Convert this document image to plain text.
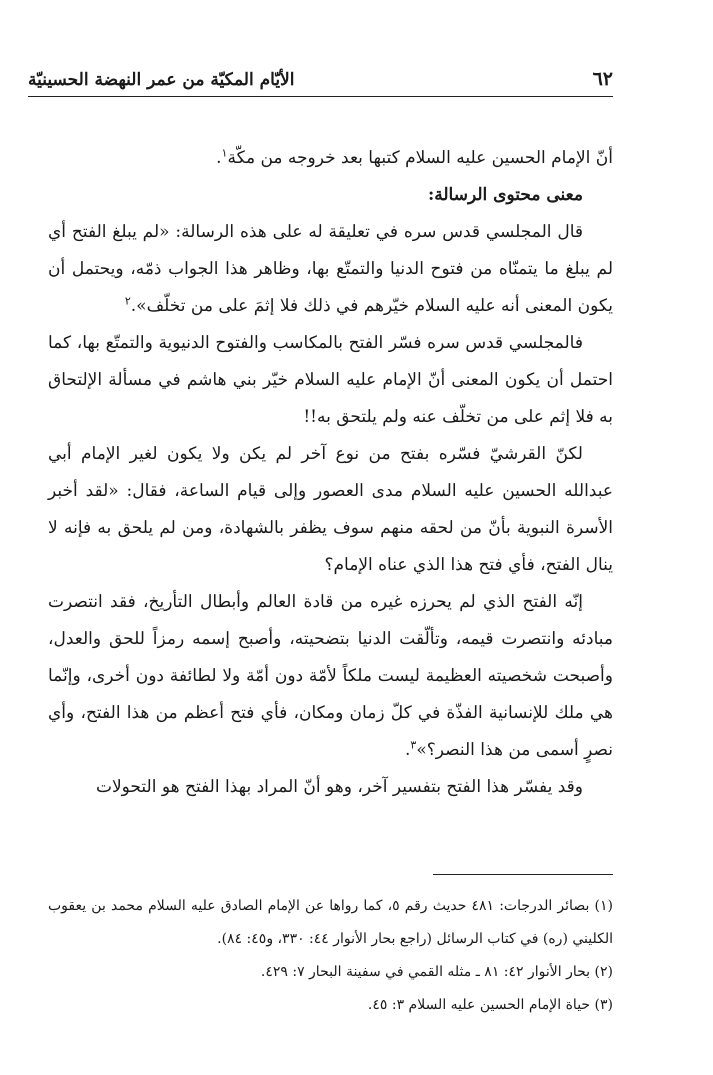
٦٢
الأيّام المكيّة من عمر النهضة الحسينيّة

أنّ الإمام الحسين عليه السلام كتبها بعد خروجه من مكّة$^١$.

معنى محتوى الرسالة:

قال المجلسي قدس سره في تعليقة له على هذه الرسالة: «لم يبلغ الفتح أي لم يبلغ ما يتمنّاه من فتوح الدنيا والتمتّع بها، وظاهر هذا الجواب ذمّه، ويحتمل أن يكون المعنى أنه عليه السلام خيّرهم في ذلك فلا إثمَ على من تخلّف».$^٢$

فالمجلسي قدس سره فسّر الفتح بالمكاسب والفتوح الدنيوية والتمتّع بها، كما احتمل أن يكون المعنى أنّ الإمام عليه السلام خيّر بني هاشم في مسألة الإلتحاق به فلا إثم على من تخلّف عنه ولم يلتحق به!!

لكنّ القرشيّ فسّره بفتح من نوع آخر لم يكن ولا يكون لغير الإمام أبي عبدالله الحسين عليه السلام مدى العصور وإلى قيام الساعة، فقال: «لقد أخبر الأسرة النبوية بأنّ من لحقه منهم سوف يظفر بالشهادة، ومن لم يلحق به فإنه لا ينال الفتح، فأي فتح هذا الذي عناه الإمام؟

إنّه الفتح الذي لم يحرزه غيره من قادة العالم وأبطال التأريخ، فقد انتصرت مبادئه وانتصرت قيمه، وتألّقت الدنيا بتضحيته، وأصبح إسمه رمزاً للحق والعدل، وأصبحت شخصيته العظيمة ليست ملكاً لأمّة دون أمّة ولا لطائفة دون أخرى، وإنّما هي ملك للإنسانية الفذّة في كلّ زمان ومكان، فأي فتح أعظم من هذا الفتح، وأي نصرٍ أسمى من هذا النصر؟»$^٣$.

وقد يفسّر هذا الفتح بتفسير آخر، وهو أنّ المراد بهذا الفتح هو التحولات

(١) بصائر الدرجات: ٤٨١ حديث رقم ٥، كما رواها عن الإمام الصادق عليه السلام محمد بن يعقوب الكليني (ره) في كتاب الرسائل (راجع بحار الأنوار ٤٤: ٣٣٠، و٤٥: ٨٤).

(٢) بحار الأنوار ٤٢: ٨١ ـ مثله القمي في سفينة البحار ٧: ٤٢٩.

(٣) حياة الإمام الحسين عليه السلام ٣: ٤٥.
